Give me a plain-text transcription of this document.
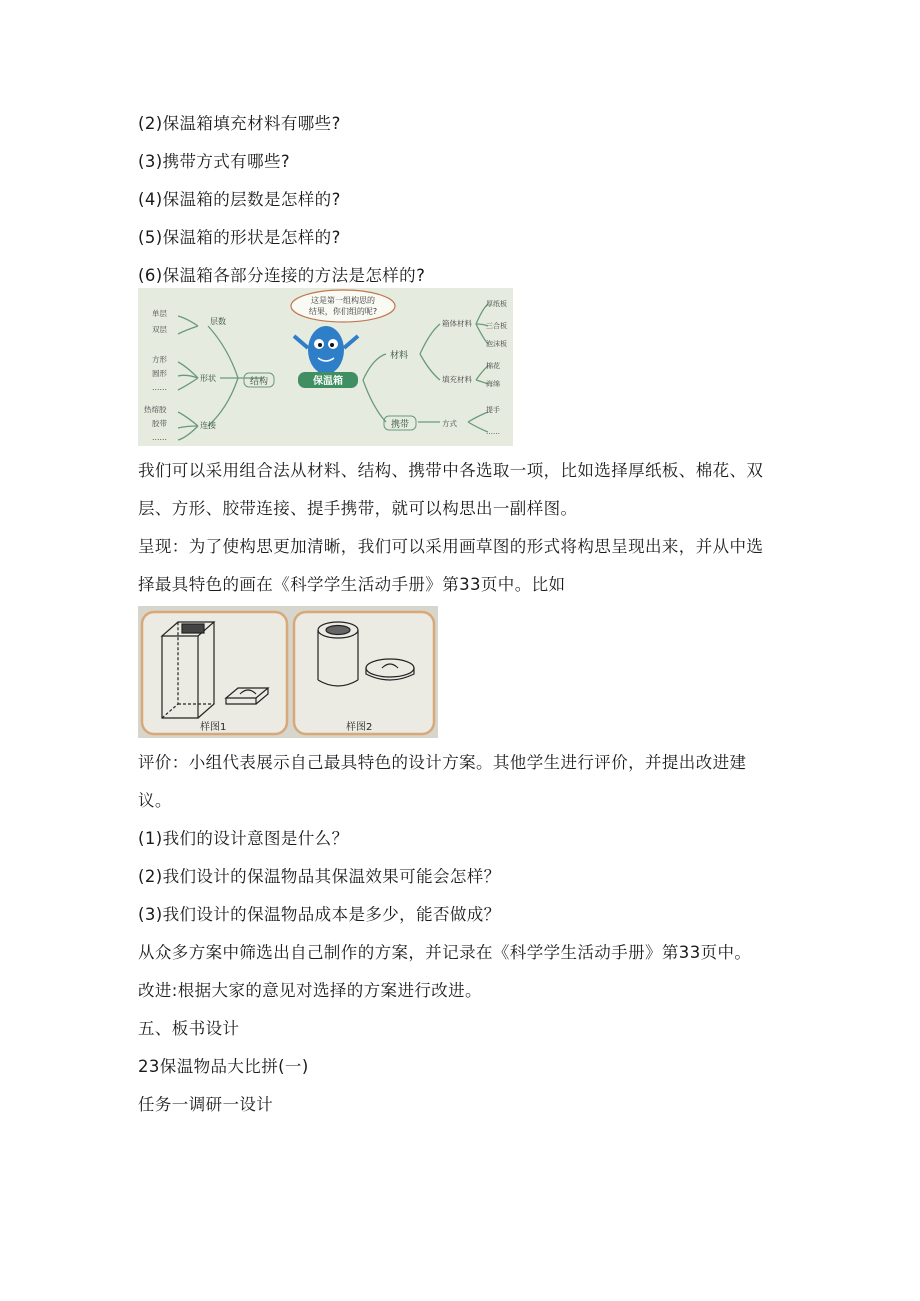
(2)保温箱填充材料有哪些?
(3)携带方式有哪些?
(4)保温箱的层数是怎样的?
(5)保温箱的形状是怎样的?
(6)保温箱各部分连接的方法是怎样的?
这是第一组构思的
结果，你们组的呢?
保温箱
结构
层数
形状
连接
单层
双层
方形
圆形
……
热熔胶
胶带
……
材料
携带
箱体材料
填充材料
方式
厚纸板
三合板
泡沫板
棉花
海绵
提手
……
我们可以采用组合法从材料、结构、携带中各选取一项，比如选择厚纸板、棉花、双
层、方形、胶带连接、提手携带，就可以构思出一副样图。
呈现：为了使构思更加清晰，我们可以采用画草图的形式将构思呈现出来，并从中选
择最具特色的画在《科学学生活动手册》第33页中。比如
样图1	样图2
评价：小组代表展示自己最具特色的设计方案。其他学生进行评价，并提出改进建
议。
(1)我们的设计意图是什么？
(2)我们设计的保温物品其保温效果可能会怎样？
(3)我们设计的保温物品成本是多少，能否做成？
从众多方案中筛选出自己制作的方案，并记录在《科学学生活动手册》第33页中。
改进:根据大家的意见对选择的方案进行改进。
五、板书设计
23保温物品大比拼(一)
任务一调研一设计
